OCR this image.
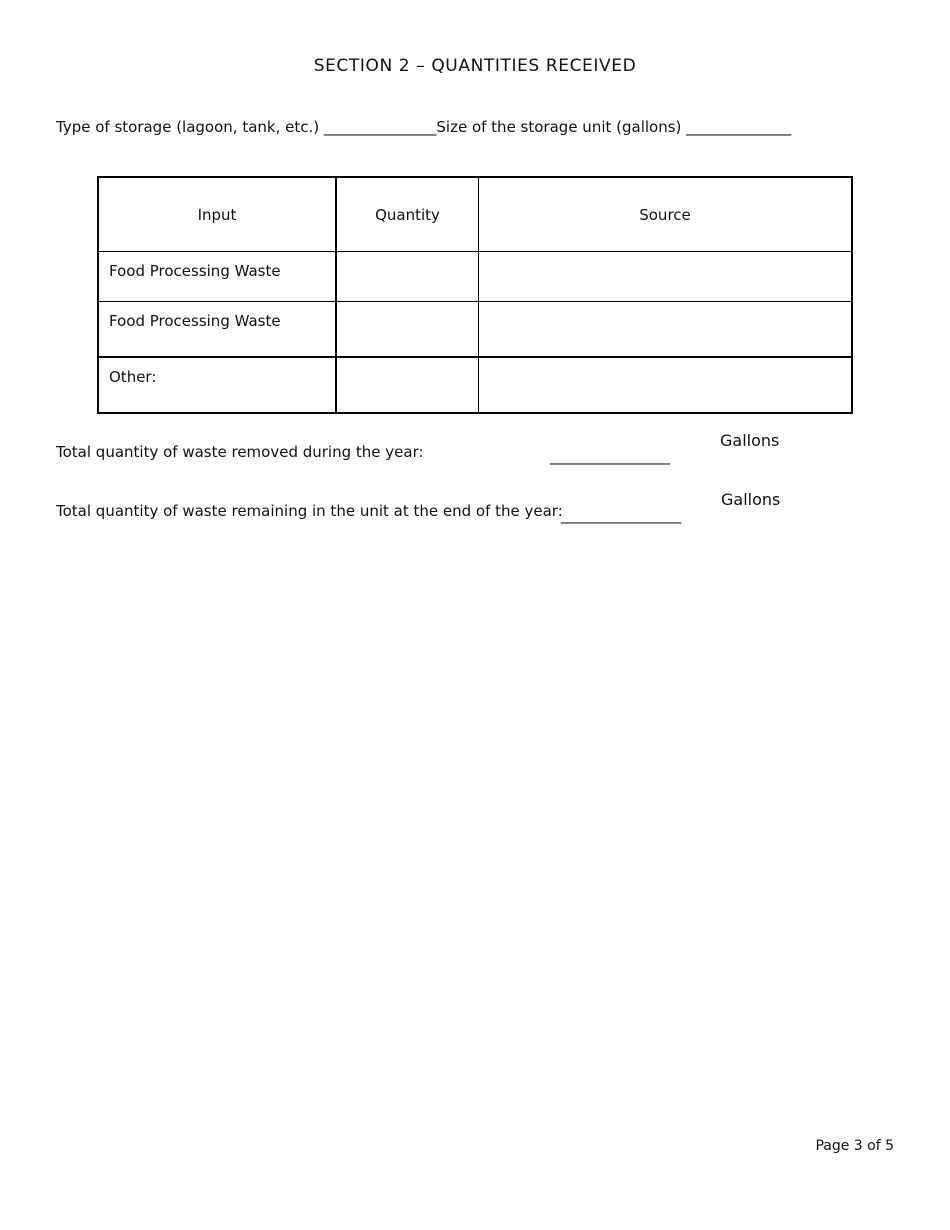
SECTION 2 – QUANTITIES RECEIVED
Type of storage (lagoon, tank, etc.) _______________Size of the storage unit (gallons) ______________
Input	Quantity	Source

Food Processing Waste		

Food Processing Waste		

Other:		

Total quantity of waste removed during the year:	________________
Gallons
Total quantity of waste remaining in the unit at the end of the year:
________________
Gallons
Page 3 of 5
